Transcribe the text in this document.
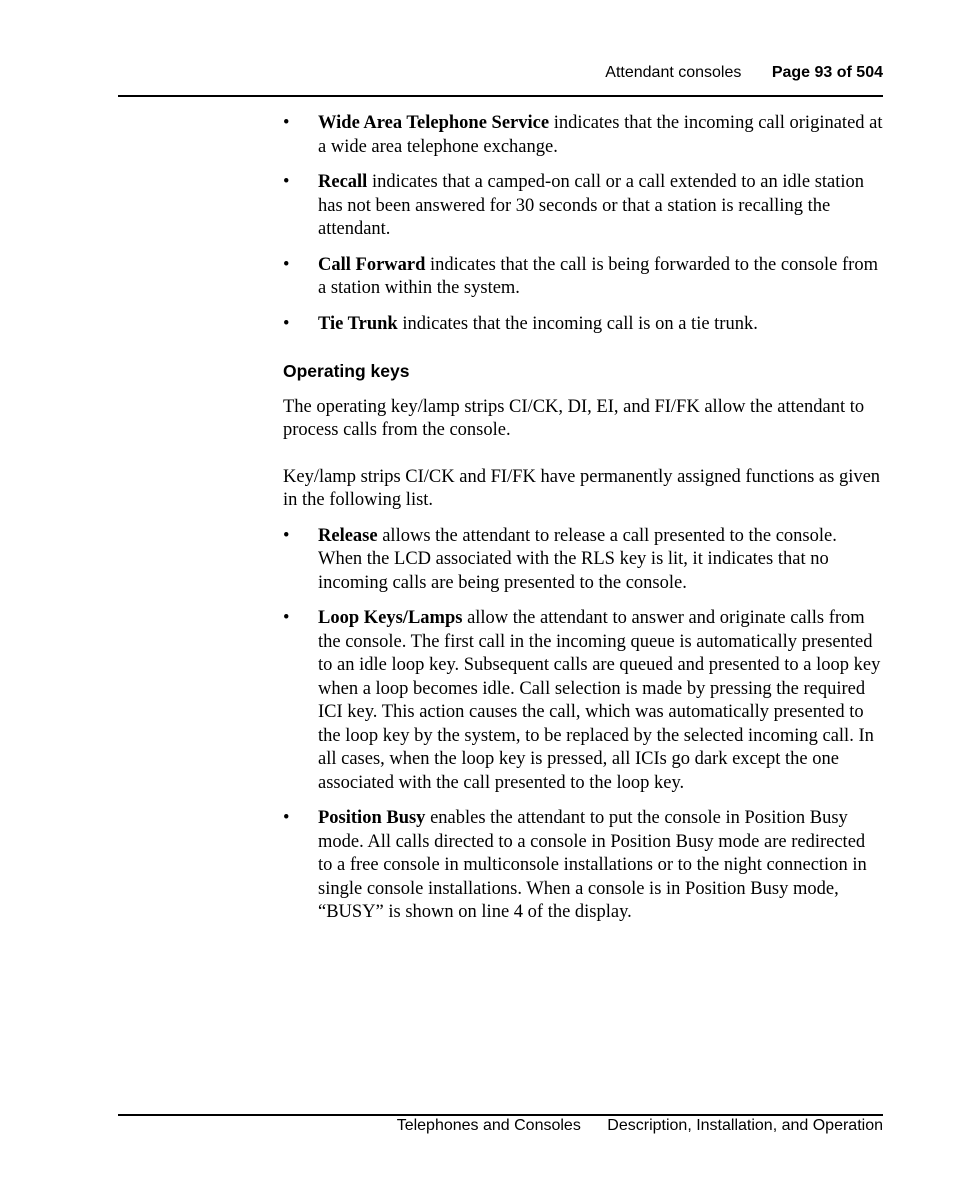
Attendant consoles Page 93 of 504
• Wide Area Telephone Service indicates that the incoming call originated at a wide area telephone exchange.
• Recall indicates that a camped-on call or a call extended to an idle station has not been answered for 30 seconds or that a station is recalling the attendant.
• Call Forward indicates that the call is being forwarded to the console from a station within the system.
• Tie Trunk indicates that the incoming call is on a tie trunk.
Operating keys
The operating key/lamp strips CI/CK, DI, EI, and FI/FK allow the attendant to process calls from the console.
Key/lamp strips CI/CK and FI/FK have permanently assigned functions as given in the following list.
• Release allows the attendant to release a call presented to the console. When the LCD associated with the RLS key is lit, it indicates that no incoming calls are being presented to the console.
• Loop Keys/Lamps allow the attendant to answer and originate calls from the console. The first call in the incoming queue is automatically presented to an idle loop key. Subsequent calls are queued and presented to a loop key when a loop becomes idle. Call selection is made by pressing the required ICI key. This action causes the call, which was automatically presented to the loop key by the system, to be replaced by the selected incoming call. In all cases, when the loop key is pressed, all ICIs go dark except the one associated with the call presented to the loop key.
• Position Busy enables the attendant to put the console in Position Busy mode. All calls directed to a console in Position Busy mode are redirected to a free console in multiconsole installations or to the night connection in single console installations. When a console is in Position Busy mode, “BUSY” is shown on line 4 of the display.
Telephones and Consoles Description, Installation, and Operation
